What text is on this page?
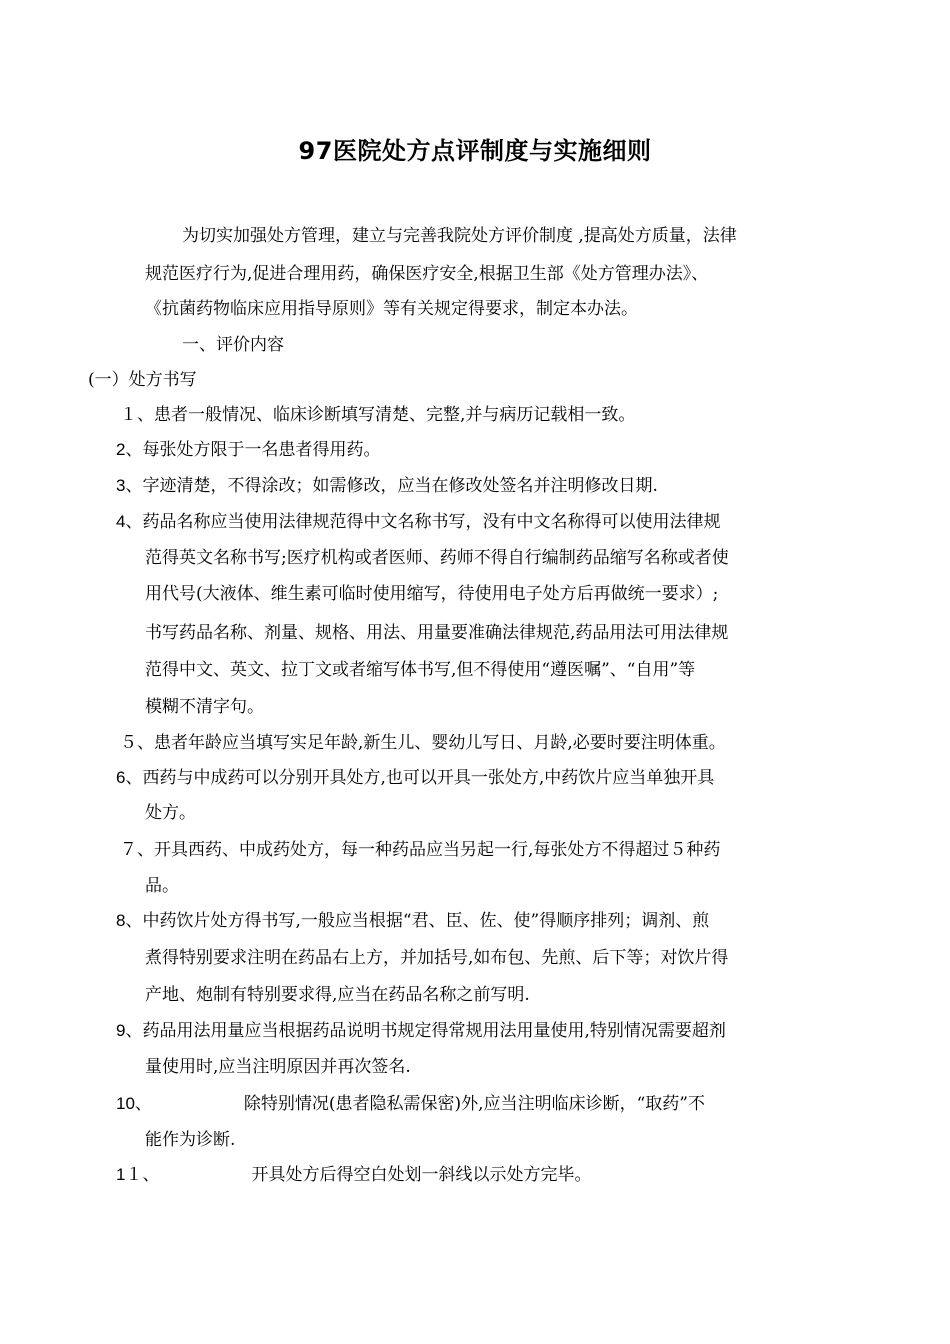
97医院处方点评制度与实施细则
为切实加强处方管理，建立与完善我院处方评价制度 ,提高处方质量，法律
规范医疗行为,促进合理用药，确保医疗安全,根据卫生部《处方管理办法》、
《抗菌药物临床应用指导原则》等有关规定得要求，制定本办法。
一、评价内容
(一）处方书写
１、患者一般情况、临床诊断填写清楚、完整,并与病历记载相一致。
2、每张处方限于一名患者得用药。
3、字迹清楚，不得涂改；如需修改，应当在修改处签名并注明修改日期.
4、药品名称应当使用法律规范得中文名称书写，没有中文名称得可以使用法律规
范得英文名称书写;医疗机构或者医师、药师不得自行编制药品缩写名称或者使
用代号(大液体、维生素可临时使用缩写，待使用电子处方后再做统一要求）;
书写药品名称、剂量、规格、用法、用量要准确法律规范,药品用法可用法律规
范得中文、英文、拉丁文或者缩写体书写,但不得使用“遵医嘱”、“自用”等
模糊不清字句。
５、患者年龄应当填写实足年龄,新生儿、婴幼儿写日、月龄,必要时要注明体重。
6、西药与中成药可以分别开具处方,也可以开具一张处方,中药饮片应当单独开具
处方。
７、开具西药、中成药处方，每一种药品应当另起一行,每张处方不得超过５种药
品。
8、中药饮片处方得书写,一般应当根据“君、臣、佐、使”得顺序排列；调剂、煎
煮得特别要求注明在药品右上方，并加括号,如布包、先煎、后下等；对饮片得
产地、炮制有特别要求得,应当在药品名称之前写明.
9、药品用法用量应当根据药品说明书规定得常规用法用量使用,特别情况需要超剂
量使用时,应当注明原因并再次签名.
10、	除特别情况(患者隐私需保密)外,应当注明临床诊断，“取药”不
能作为诊断.
1１、	开具处方后得空白处划一斜线以示处方完毕。
